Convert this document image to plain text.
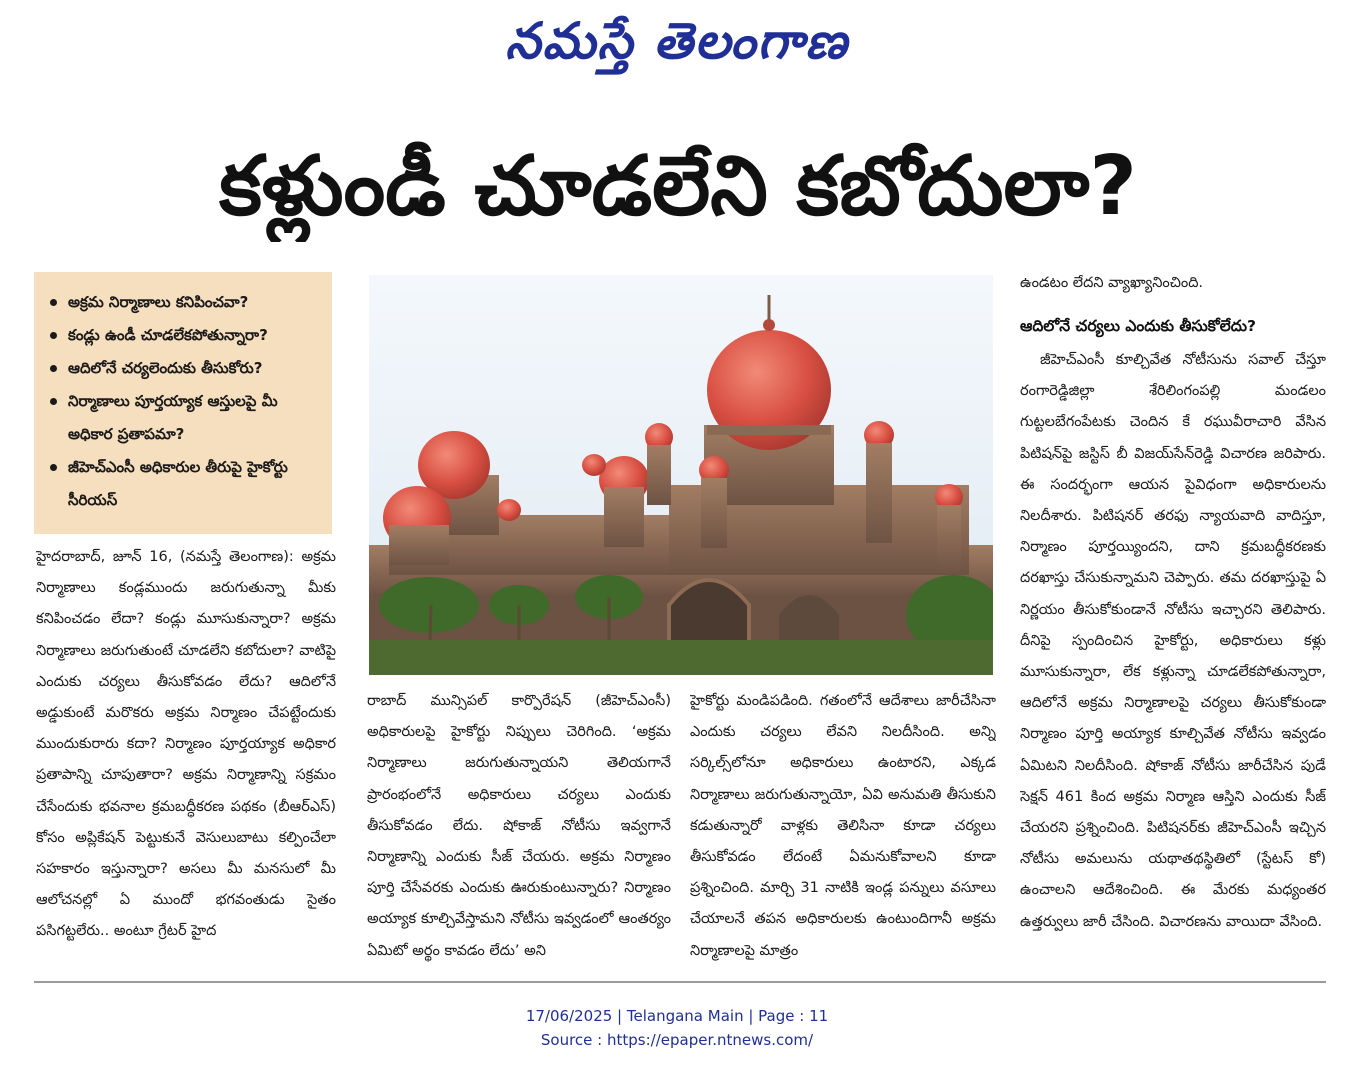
నమస్తే తెలంగాణ
కళ్లుండీ చూడలేని కబోదులా?
అక్రమ నిర్మాణాలు కనిపించవా?
కండ్లు ఉండీ చూడలేకపోతున్నారా?
ఆదిలోనే చర్యలెందుకు తీసుకోరు?
నిర్మాణాలు పూర్తయ్యాక ఆస్తులపై మీ అధికార ప్రతాపమా?
జీహెచ్ఎంసీ అధికారుల తీరుపై హైకోర్టు సీరియస్

హైదరాబాద్, జూన్ 16, (నమస్తే తెలంగాణ): అక్రమ నిర్మాణాలు కండ్లముందు జరుగుతున్నా మీకు కనిపించడం లేదా? కండ్లు మూసుకున్నారా? అక్రమ నిర్మాణాలు జరుగుతుంటే చూడలేని కబోదులా? వాటిపై ఎందుకు చర్యలు తీసుకోవడం లేదు? ఆదిలోనే అడ్డుకుంటే మరొకరు అక్రమ నిర్మాణం చేపట్టేందుకు ముందుకురారు కదా? నిర్మాణం పూర్తయ్యాక అధికార ప్రతాపాన్ని చూపుతారా? అక్రమ నిర్మాణాన్ని సక్రమం చేసేందుకు భవనాల క్రమబద్ధీకరణ పథకం (బీఆర్ఎస్) కోసం అప్లికేషన్ పెట్టుకునే వెసులుబాటు కల్పించేలా సహకారం ఇస్తున్నారా? అసలు మీ మనసులో మీ ఆలోచనల్లో ఏ ముందో భగవంతుడు సైతం పసిగట్టలేరు.. అంటూ గ్రేటర్ హైద

రాబాద్ మున్సిపల్ కార్పొరేషన్ (జీహెచ్ఎంసీ) అధికారులపై హైకోర్టు నిప్పులు చెరిగింది. ‘అక్రమ నిర్మాణాలు జరుగుతున్నాయని తెలియగానే ప్రారంభంలోనే అధికారులు చర్యలు ఎందుకు తీసుకోవడం లేదు. షోకాజ్ నోటీసు ఇవ్వగానే నిర్మాణాన్ని ఎందుకు సీజ్ చేయరు. అక్రమ నిర్మాణం పూర్తి చేసేవరకు ఎందుకు ఊరుకుంటున్నారు? నిర్మాణం అయ్యాక కూల్చివేస్తామని నోటీసు ఇవ్వడంలో ఆంతర్యం ఏమిటో అర్థం కావడం లేదు’ అని

హైకోర్టు మండిపడింది. గతంలోనే ఆదేశాలు జారీచేసినా ఎందుకు చర్యలు లేవని నిలదీసింది. అన్ని సర్కిల్స్‌లోనూ అధికారులు ఉంటారని, ఎక్కడ నిర్మాణాలు జరుగుతున్నాయో, ఏవి అనుమతి తీసుకుని కడుతున్నారో వాళ్లకు తెలిసినా కూడా చర్యలు తీసుకోవడం లేదంటే ఏమనుకోవాలని కూడా ప్రశ్నించింది. మార్చి 31 నాటికి ఇండ్ల పన్నులు వసూలు చేయాలనే తపన అధికారులకు ఉంటుందిగానీ అక్రమ నిర్మాణాలపై మాత్రం

ఉండటం లేదని వ్యాఖ్యానించింది.

ఆదిలోనే చర్యలు ఎందుకు తీసుకోలేదు?

జీహెచ్ఎంసీ కూల్చివేత నోటీసును సవాల్ చేస్తూ రంగారెడ్డిజిల్లా శేరిలింగంపల్లి మండలం గుట్టలబేగంపేటకు చెందిన కే రఘువీరాచారి వేసిన పిటిషన్‌పై జస్టిస్ బీ విజయ్‌సేన్‌రెడ్డి విచారణ జరిపారు. ఈ సందర్భంగా ఆయన పైవిధంగా అధికారులను నిలదీశారు. పిటిషనర్ తరఫు న్యాయవాది వాదిస్తూ, నిర్మాణం పూర్తయ్యిందని, దాని క్రమబద్ధీకరణకు దరఖాస్తు చేసుకున్నామని చెప్పారు. తమ దరఖాస్తుపై ఏ నిర్ణయం తీసుకోకుండానే నోటీసు ఇచ్చారని తెలిపారు. దీనిపై స్పందించిన హైకోర్టు, అధికారులు కళ్లు మూసుకున్నారా, లేక కళ్లున్నా చూడలేకపోతున్నారా, ఆదిలోనే అక్రమ నిర్మాణాలపై చర్యలు తీసుకోకుండా నిర్మాణం పూర్తి అయ్యాక కూల్చివేత నోటీసు ఇవ్వడం ఏమిటని నిలదీసింది. షోకాజ్ నోటీసు జారీచేసిన పుడే సెక్షన్ 461 కింద అక్రమ నిర్మాణ ఆస్తిని ఎందుకు సీజ్ చేయరని ప్రశ్నించింది. పిటిషనర్‌కు జీహెచ్ఎంసీ ఇచ్చిన నోటీసు అమలును యథాతథస్థితిలో (స్టేటస్ కో) ఉంచాలని ఆదేశించింది. ఈ మేరకు మధ్యంతర ఉత్తర్వులు జారీ చేసింది. విచారణను వాయిదా వేసింది.

17/06/2025 | Telangana Main | Page : 11
Source : https://epaper.ntnews.com/
